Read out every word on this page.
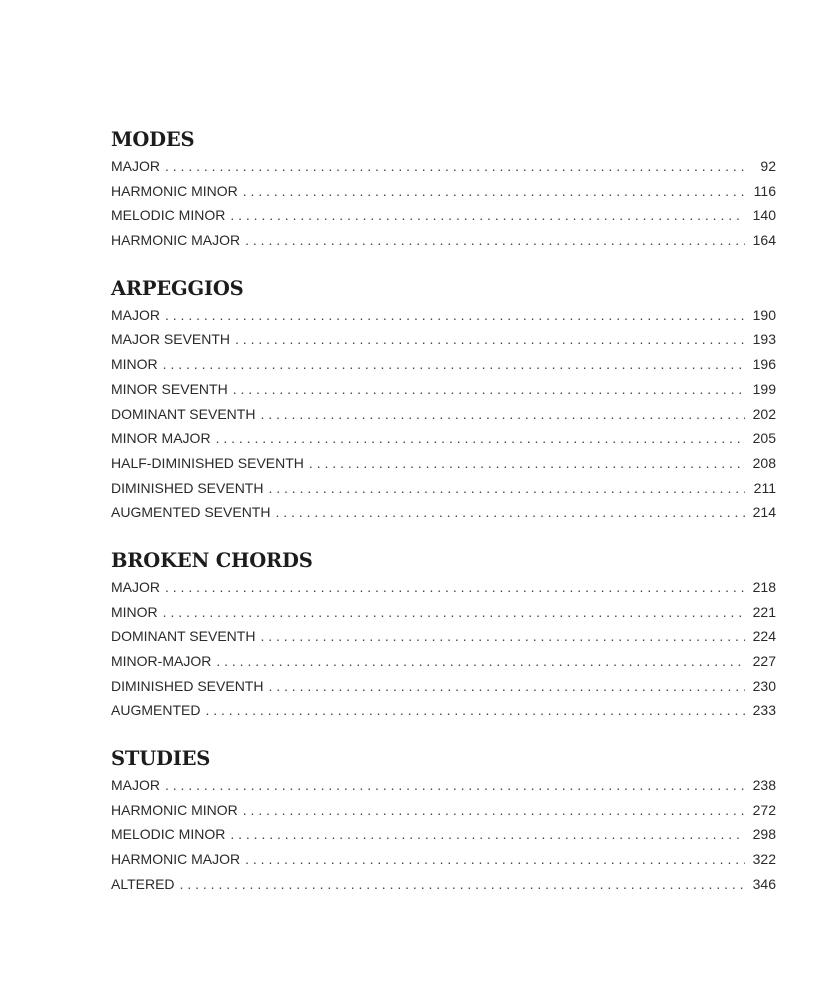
MODES
MAJOR . . .	92
HARMONIC MINOR . . .	116
MELODIC MINOR . . .	140
HARMONIC MAJOR . . .	164
ARPEGGIOS
MAJOR . . .	190
MAJOR SEVENTH . . .	193
MINOR . . .	196
MINOR SEVENTH . . .	199
DOMINANT SEVENTH . . .	202
MINOR MAJOR . . .	205
HALF-DIMINISHED SEVENTH . . .	208
DIMINISHED SEVENTH . . .	211
AUGMENTED SEVENTH . . .	214
BROKEN CHORDS
MAJOR . . .	218
MINOR . . .	221
DOMINANT SEVENTH . . .	224
MINOR-MAJOR . . .	227
DIMINISHED SEVENTH . . .	230
AUGMENTED . . .	233
STUDIES
MAJOR . . .	238
HARMONIC MINOR . . .	272
MELODIC MINOR . . .	298
HARMONIC MAJOR . . .	322
ALTERED . . .	346
